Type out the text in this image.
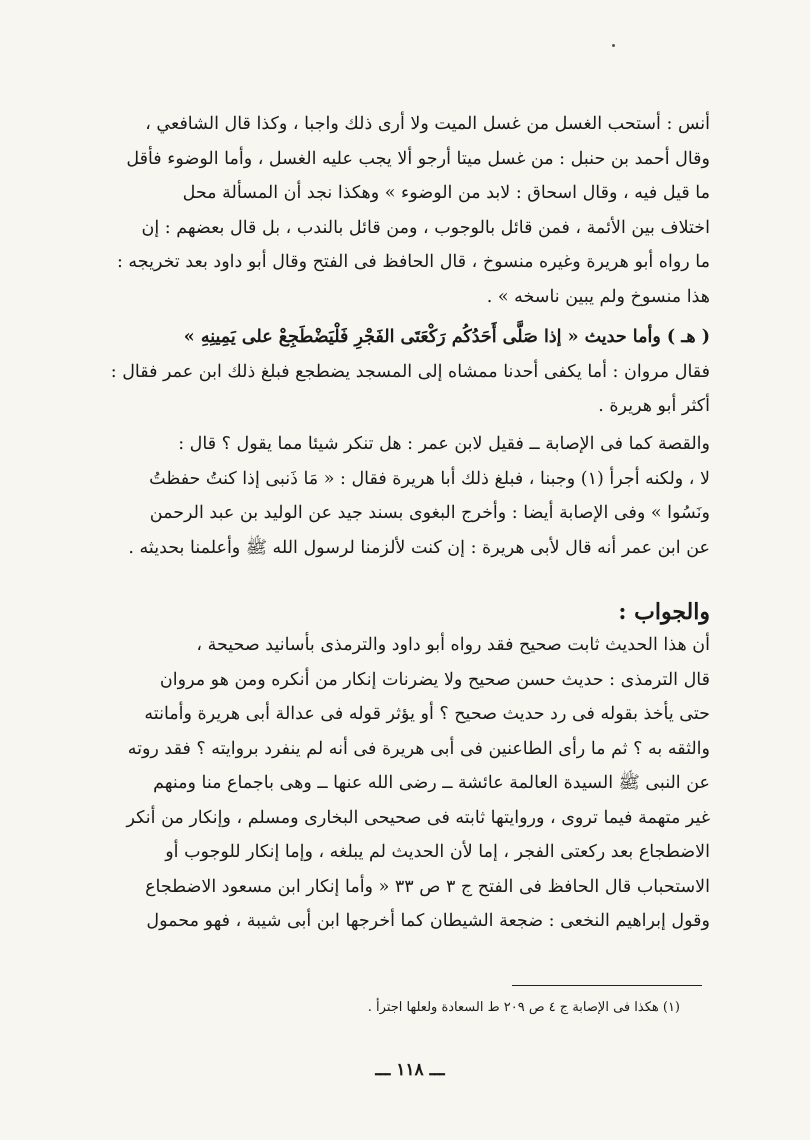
أنس : أستحب الغسل من غسل الميت ولا أرى ذلك واجبا ، وكذا قال الشافعي ،
وقال أحمد بن حنبل : من غسل ميتا أرجو ألا يجب عليه الغسل ، وأما الوضوء فأقل
ما قيل فيه ، وقال اسحاق : لابد من الوضوء » وهكذا نجد أن المسألة محل
اختلاف بين الأئمة ، فمن قائل بالوجوب ، ومن قائل بالندب ، بل قال بعضهم : إن
ما رواه أبو هريرة وغيره منسوخ ، قال الحافظ فى الفتح وقال أبو داود بعد تخريجه :
هذا منسوخ ولم يبين ناسخه » .
( هـ ) وأما حديث « إذا صَلَّى أَحَدُكُم رَكْعَتَى الفَجْرِ فَلْيَضْطَجِعْ على يَمِينِهِ »
فقال مروان : أما يكفى أحدنا ممشاه إلى المسجد يضطجع فبلغ ذلك ابن عمر فقال :
أكثر أبو هريرة .
والقصة كما فى الإصابة ــ فقيل لابن عمر : هل تنكر شيئا مما يقول ؟ قال :
لا ، ولكنه أجرأ (١) وجبنا ، فبلغ ذلك أبا هريرة فقال : « مَا ذَنبى إذا كنتُ حفظتُ
ونَسُوا » وفى الإصابة أيضا : وأخرج البغوى بسند جيد عن الوليد بن عبد الرحمن
عن ابن عمر أنه قال لأبى هريرة : إن كنت لألزمنا لرسول الله ﷺ وأعلمنا بحديثه .
والجواب :
أن هذا الحديث ثابت صحيح فقد رواه أبو داود والترمذى بأسانيد صحيحة ،
قال الترمذى : حديث حسن صحيح ولا يضرنات إنكار من أنكره ومن هو مروان
حتى يأخذ بقوله فى رد حديث صحيح ؟ أو يؤثر قوله فى عدالة أبى هريرة وأمانته
والثقه به ؟ ثم ما رأى الطاعنين فى أبى هريرة فى أنه لم ينفرد بروايته ؟ فقد روته
عن النبى ﷺ السيدة العالمة عائشة ــ رضى الله عنها ــ وهى باجماع منا ومنهم
غير متهمة فيما تروى ، وروايتها ثابته فى صحيحى البخارى ومسلم ، وإنكار من أنكر
الاضطجاع بعد ركعتى الفجر ، إما لأن الحديث لم يبلغه ، وإما إنكار للوجوب أو
الاستحباب قال الحافظ فى الفتح ج ٣ ص ٣٣ « وأما إنكار ابن مسعود الاضطجاع
وقول إبراهيم النخعى : ضجعة الشيطان كما أخرجها ابن أبى شيبة ، فهو محمول
(١) هكذا فى الإصابة ج ٤ ص ٢٠٩ ط السعادة ولعلها اجترأ .
ـــ ١١٨ ـــ
